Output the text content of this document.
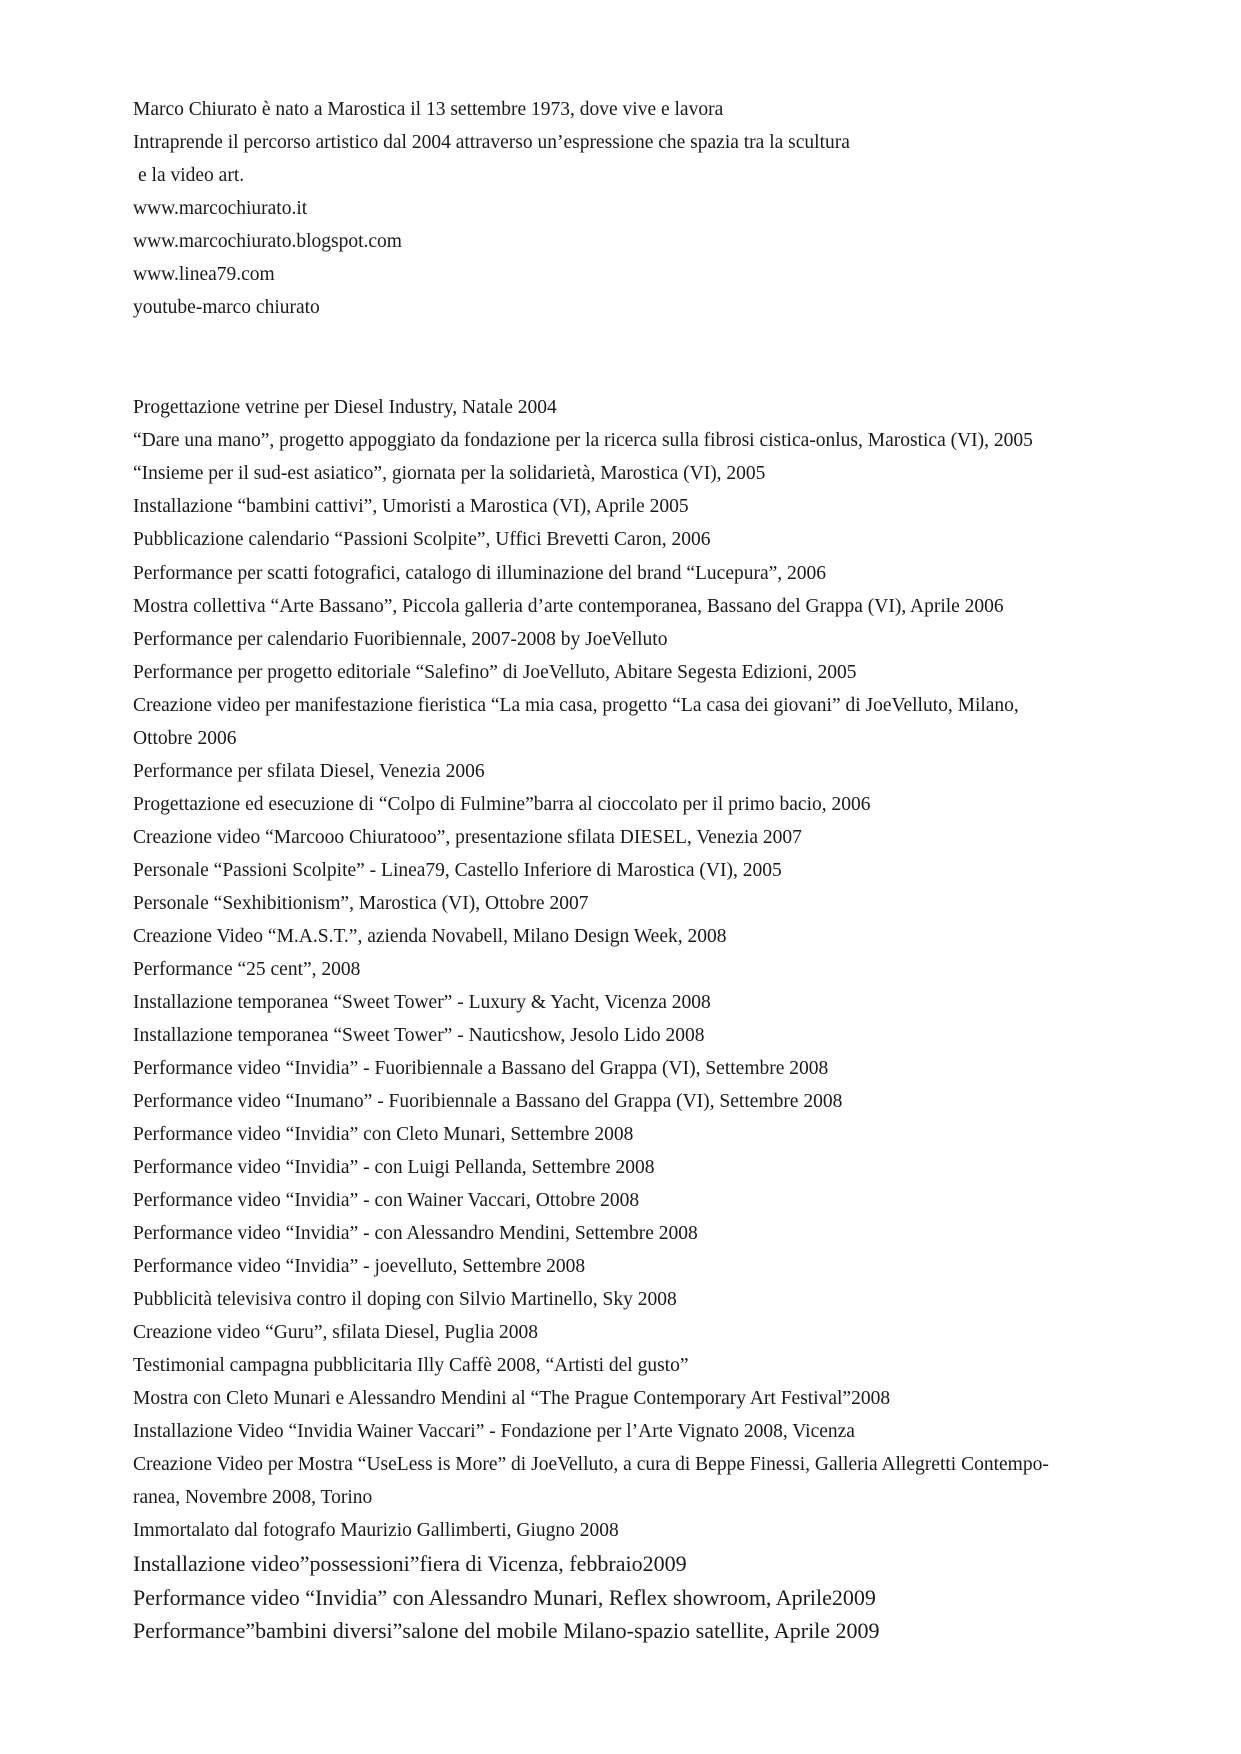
Marco Chiurato è nato a Marostica il 13 settembre 1973, dove vive e lavora
Intraprende il percorso artistico dal 2004 attraverso un’espressione che spazia tra la scultura
e la video art.
www.marcochiurato.it
www.marcochiurato.blogspot.com
www.linea79.com
youtube-marco chiurato
Progettazione vetrine per Diesel Industry, Natale 2004
“Dare una mano”, progetto appoggiato da fondazione per la ricerca sulla fibrosi cistica-onlus, Marostica (VI), 2005
“Insieme per il sud-est asiatico”, giornata per la solidarietà, Marostica (VI), 2005
Installazione “bambini cattivi”, Umoristi a Marostica (VI), Aprile 2005
Pubblicazione calendario “Passioni Scolpite”, Uffici Brevetti Caron, 2006
Performance per scatti fotografici, catalogo di illuminazione del brand “Lucepura”, 2006
Mostra collettiva “Arte Bassano”, Piccola galleria d’arte contemporanea, Bassano del Grappa (VI), Aprile 2006
Performance per calendario Fuoribiennale, 2007-2008 by JoeVelluto
Performance per progetto editoriale “Salefino” di JoeVelluto, Abitare Segesta Edizioni, 2005
Creazione video per manifestazione fieristica “La mia casa, progetto “La casa dei giovani” di JoeVelluto, Milano,
Ottobre 2006
Performance per sfilata Diesel, Venezia 2006
Progettazione ed esecuzione di “Colpo di Fulmine”barra al cioccolato per il primo bacio, 2006
Creazione video “Marcooo Chiuratooo”, presentazione sfilata DIESEL, Venezia 2007
Personale “Passioni Scolpite” - Linea79, Castello Inferiore di Marostica (VI), 2005
Personale “Sexhibitionism”, Marostica (VI), Ottobre 2007
Creazione Video “M.A.S.T.”, azienda Novabell, Milano Design Week, 2008
Performance “25 cent”, 2008
Installazione temporanea “Sweet Tower” - Luxury & Yacht, Vicenza 2008
Installazione temporanea “Sweet Tower” - Nauticshow, Jesolo Lido 2008
Performance video “Invidia” - Fuoribiennale a Bassano del Grappa (VI), Settembre 2008
Performance video “Inumano” - Fuoribiennale a Bassano del Grappa (VI), Settembre 2008
Performance video “Invidia” con Cleto Munari, Settembre 2008
Performance video “Invidia” - con Luigi Pellanda, Settembre 2008
Performance video “Invidia” - con Wainer Vaccari, Ottobre 2008
Performance video “Invidia” - con Alessandro Mendini, Settembre 2008
Performance video “Invidia” - joevelluto, Settembre 2008
Pubblicità televisiva contro il doping con Silvio Martinello, Sky 2008
Creazione video “Guru”, sfilata Diesel, Puglia 2008
Testimonial campagna pubblicitaria Illy Caffè 2008, “Artisti del gusto”
Mostra con Cleto Munari e Alessandro Mendini al “The Prague Contemporary Art Festival”2008
Installazione Video “Invidia Wainer Vaccari” - Fondazione per l’Arte Vignato 2008, Vicenza
Creazione Video per Mostra “UseLess is More” di JoeVelluto, a cura di Beppe Finessi, Galleria Allegretti Contempo-
ranea, Novembre 2008, Torino
Immortalato dal fotografo Maurizio Gallimberti, Giugno 2008
Installazione video”possessioni”fiera di Vicenza, febbraio2009
Performance video “Invidia” con Alessandro Munari, Reflex showroom, Aprile2009
Performance”bambini diversi”salone del mobile Milano-spazio satellite, Aprile 2009
